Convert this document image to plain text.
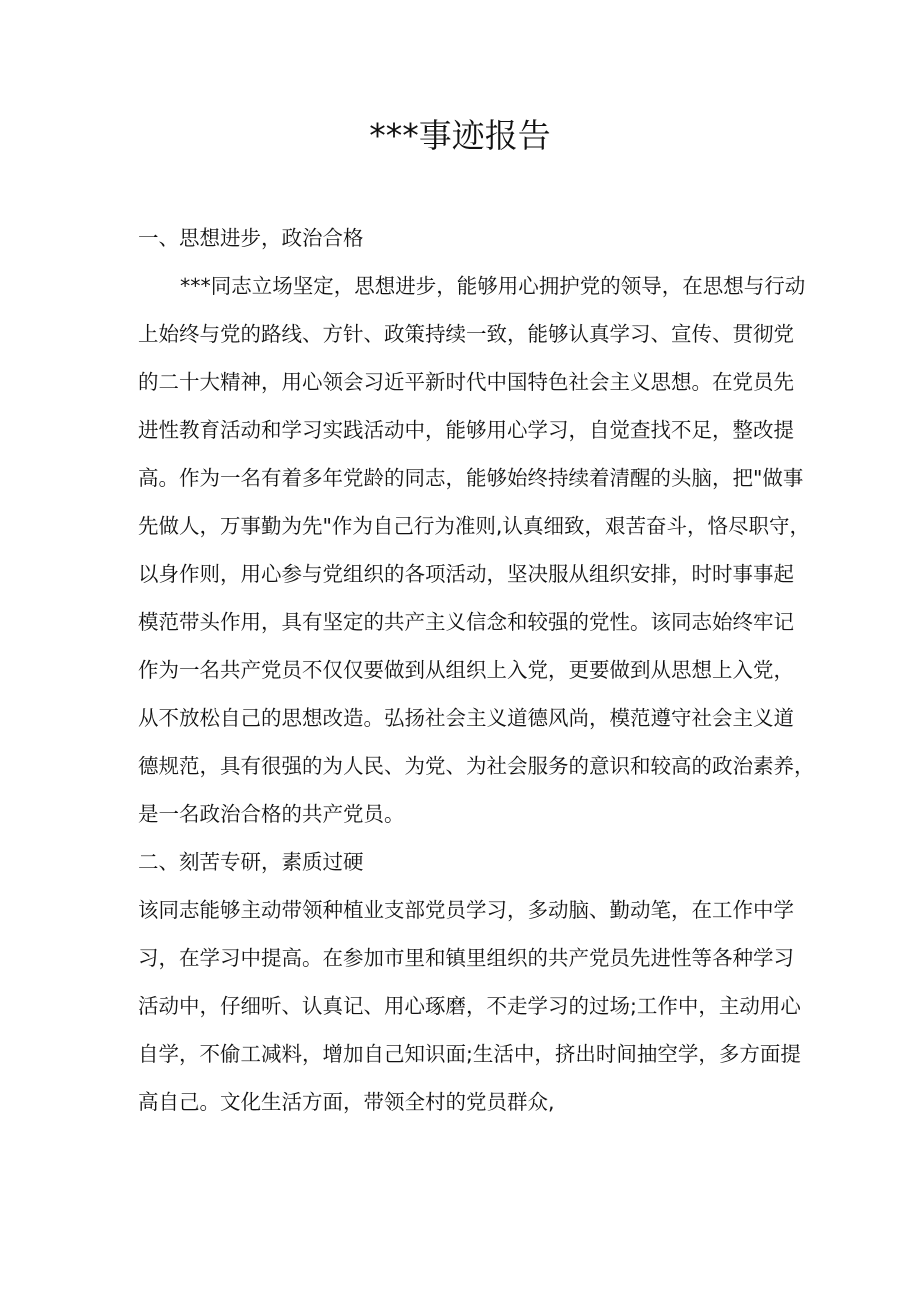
***事迹报告
一、思想进步，政治合格
***同志立场坚定，思想进步，能够用心拥护党的领导，在思想与行动
上始终与党的路线、方针、政策持续一致，能够认真学习、宣传、贯彻党
的二十大精神，用心领会习近平新时代中国特色社会主义思想。在党员先
进性教育活动和学习实践活动中，能够用心学习，自觉查找不足，整改提
高。作为一名有着多年党龄的同志，能够始终持续着清醒的头脑，把"做事
先做人，万事勤为先"作为自己行为准则,认真细致，艰苦奋斗，恪尽职守，
以身作则，用心参与党组织的各项活动，坚决服从组织安排，时时事事起
模范带头作用，具有坚定的共产主义信念和较强的党性。该同志始终牢记
作为一名共产党员不仅仅要做到从组织上入党，更要做到从思想上入党，
从不放松自己的思想改造。弘扬社会主义道德风尚，模范遵守社会主义道
德规范，具有很强的为人民、为党、为社会服务的意识和较高的政治素养，
是一名政治合格的共产党员。
二、刻苦专研，素质过硬
该同志能够主动带领种植业支部党员学习，多动脑、勤动笔，在工作中学
习，在学习中提高。在参加市里和镇里组织的共产党员先进性等各种学习
活动中，仔细听、认真记、用心琢磨，不走学习的过场;工作中，主动用心
自学，不偷工减料，增加自己知识面;生活中，挤出时间抽空学，多方面提
高自己。文化生活方面，带领全村的党员群众,
